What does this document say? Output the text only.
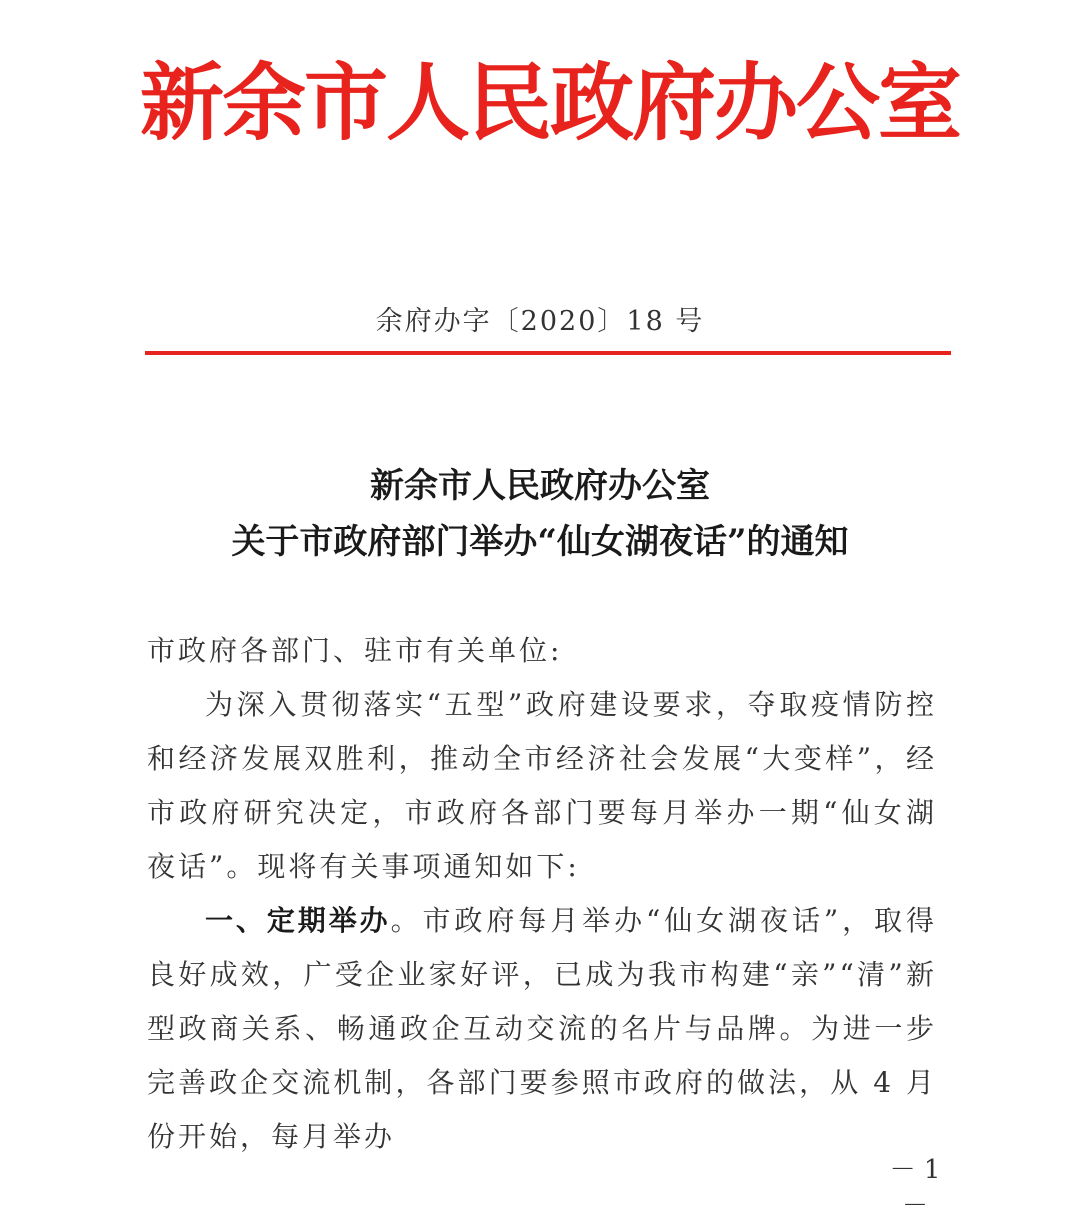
新余市人民政府办公室
余府办字〔2020〕18 号
新余市人民政府办公室
关于市政府部门举办“仙女湖夜话”的通知

市政府各部门、驻市有关单位:

为深入贯彻落实“五型”政府建设要求，夺取疫情防控和经济发展双胜利，推动全市经济社会发展“大变样”，经市政府研究决定，市政府各部门要每月举办一期“仙女湖夜话”。现将有关事项通知如下:

一、定期举办。市政府每月举办“仙女湖夜话”，取得良好成效，广受企业家好评，已成为我市构建“亲”“清”新型政商关系、畅通政企互动交流的名片与品牌。为进一步完善政企交流机制，各部门要参照市政府的做法，从 4 月份开始，每月举办

－ 1 －
